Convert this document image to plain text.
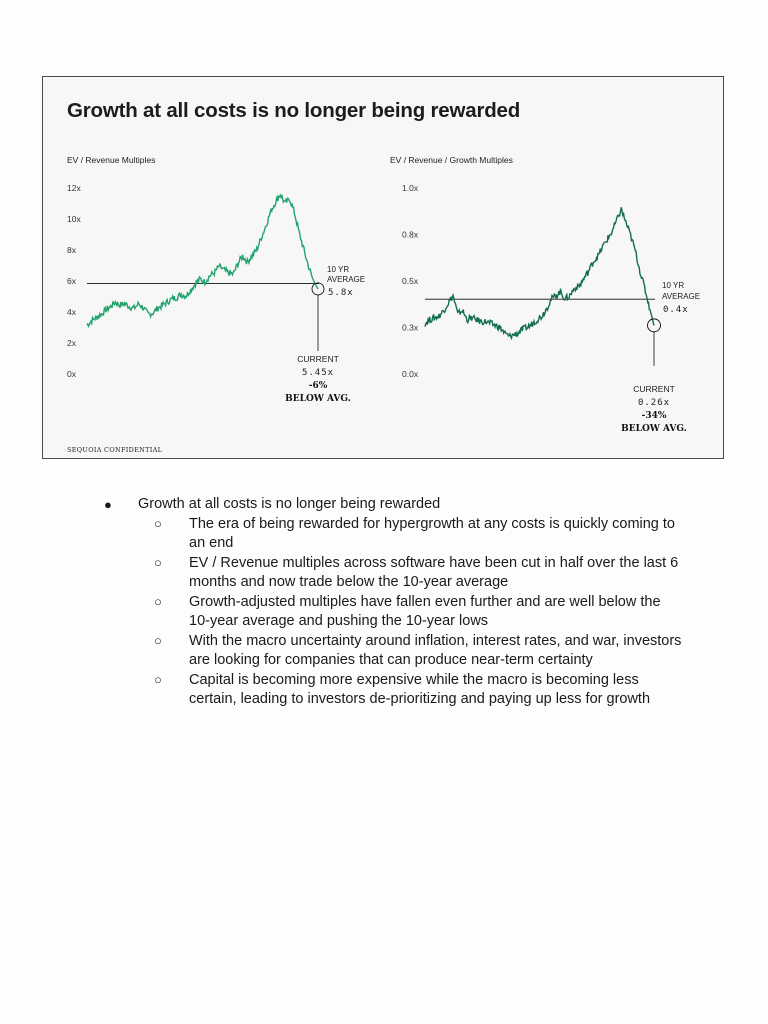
Growth at all costs is no longer being rewarded
EV / Revenue Multiples
12x
10x
8x
6x
4x
2x
0x
10 YR
AVERAGE
5.8x
CURRENT
5.45x
-6%
BELOW AVG.
EV / Revenue / Growth Multiples
1.0x
0.8x
0.5x
0.3x
0.0x
10 YR
AVERAGE
0.4x
CURRENT
0.26x
-34%
BELOW AVG.
SEQUOIA CONFIDENTIAL
● Growth at all costs is no longer being rewarded
○ The era of being rewarded for hypergrowth at any costs is quickly coming to an end
○ EV / Revenue multiples across software have been cut in half over the last 6 months and now trade below the 10-year average
○ Growth-adjusted multiples have fallen even further and are well below the 10-year average and pushing the 10-year lows
○ With the macro uncertainty around inflation, interest rates, and war, investors are looking for companies that can produce near-term certainty
○ Capital is becoming more expensive while the macro is becoming less certain, leading to investors de-prioritizing and paying up less for growth
